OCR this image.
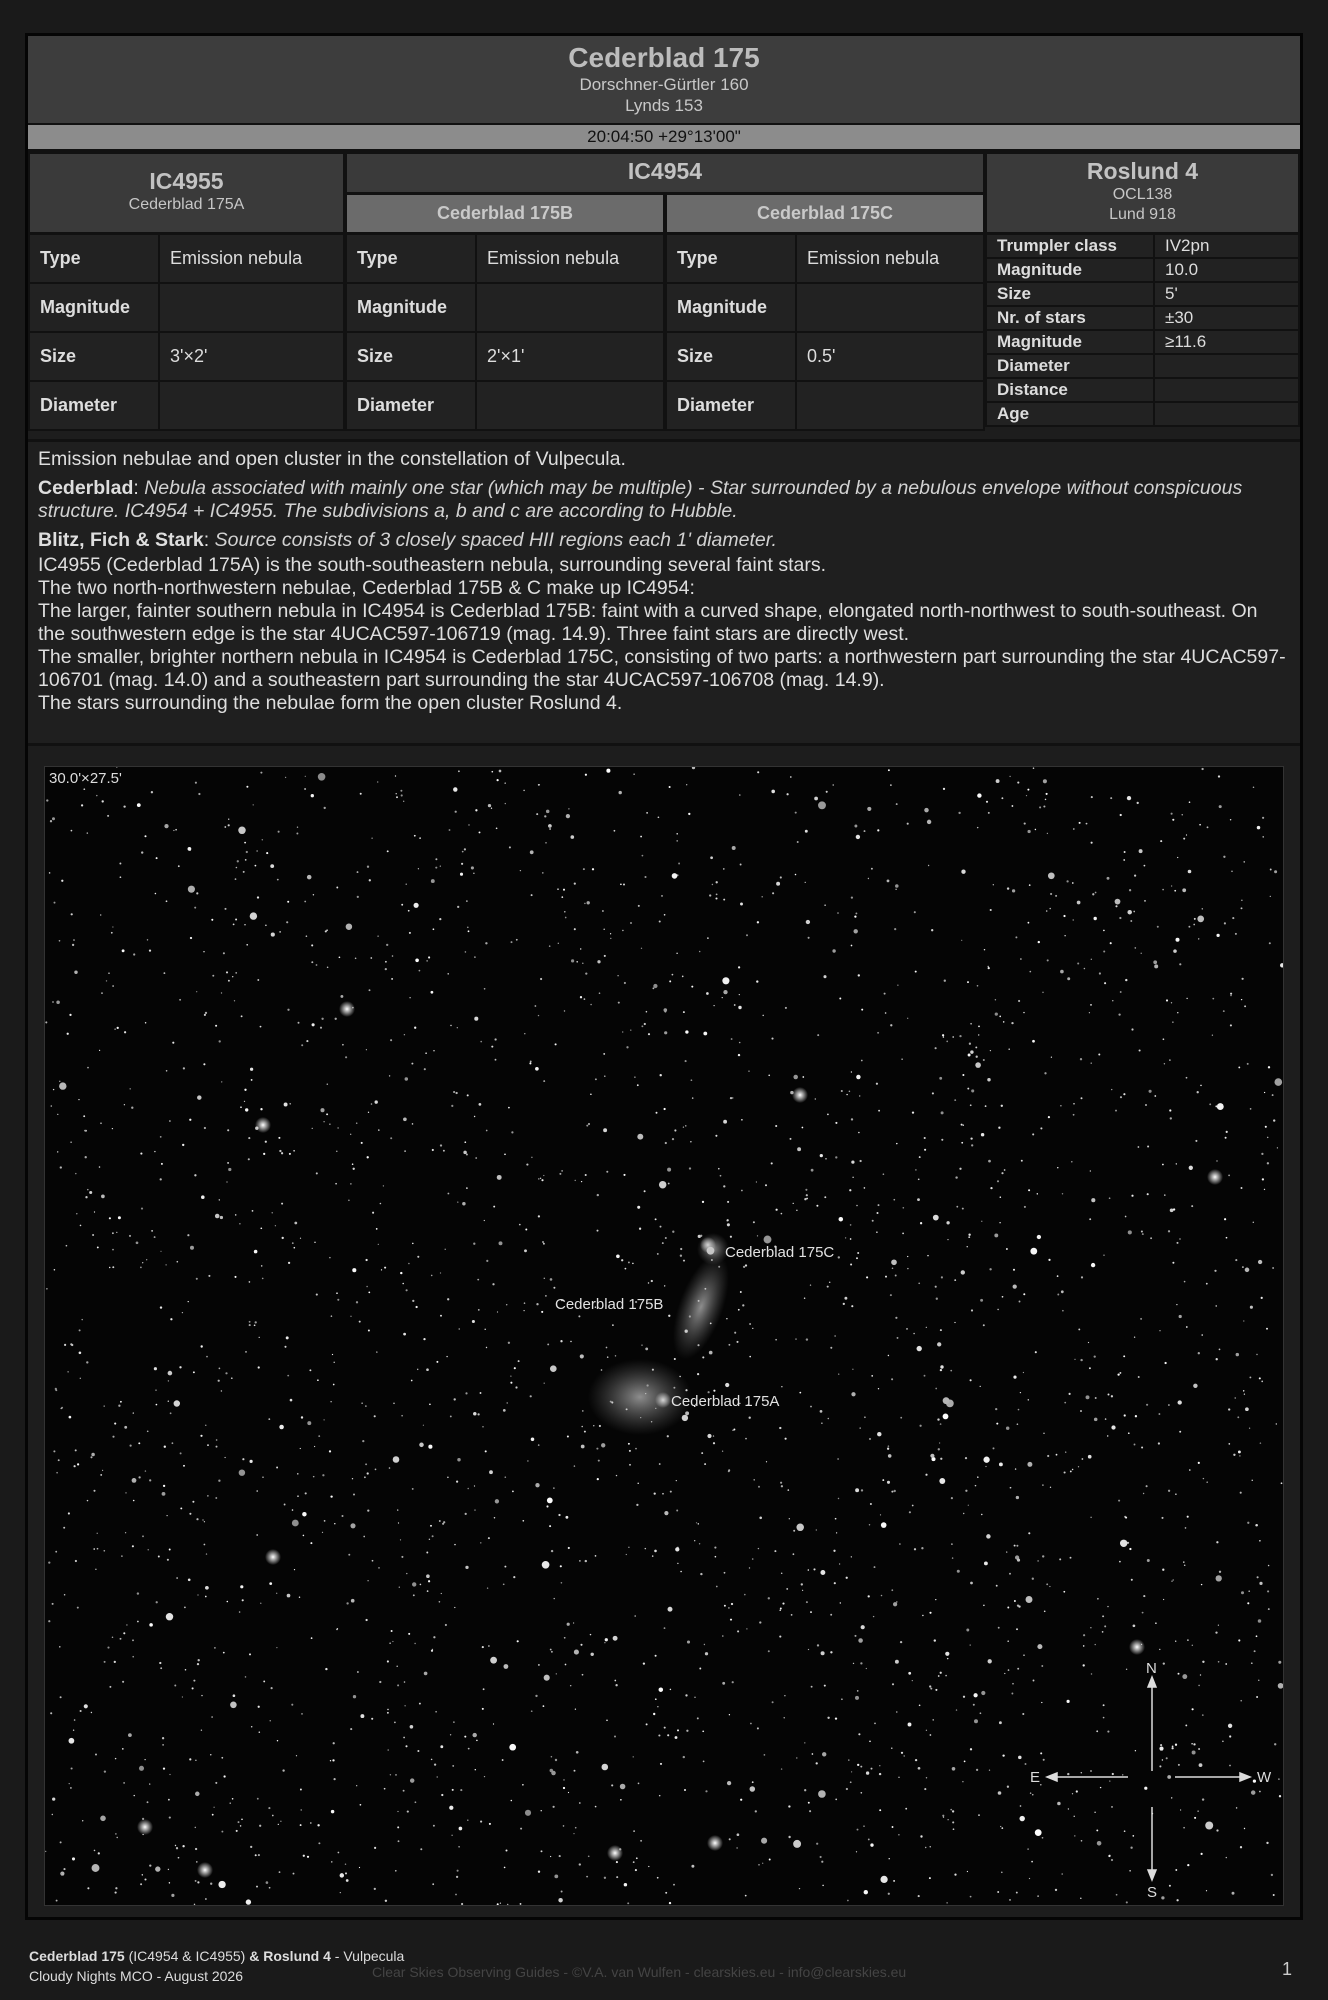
Cederblad 175
Dorschner-Gürtler 160
Lynds 153
20:04:50 +29°13'00"
IC4955
Cederblad 175A
Type	Emission nebula
Magnitude	
Size	3'×2'
Diameter	
IC4954
Cederblad 175B	Cederblad 175C
Type	Emission nebula
Magnitude	
Size	2'×1'
Diameter	
Type	Emission nebula
Magnitude	
Size	0.5'
Diameter	
Roslund 4
OCL138
Lund 918
Trumpler class	IV2pn
Magnitude	10.0
Size	5'
Nr. of stars	±30
Magnitude	≥11.6
Diameter	
Distance	
Age	

Emission nebulae and open cluster in the constellation of Vulpecula.

Cederblad: Nebula associated with mainly one star (which may be multiple) - Star surrounded by a nebulous envelope without conspicuous structure. IC4954 + IC4955. The subdivisions a, b and c are according to Hubble.

Blitz, Fich & Stark: Source consists of 3 closely spaced HII regions each 1' diameter.

IC4955 (Cederblad 175A) is the south-southeastern nebula, surrounding several faint stars.
The two north-northwestern nebulae, Cederblad 175B & C make up IC4954:
The larger, fainter southern nebula in IC4954 is Cederblad 175B: faint with a curved shape, elongated north-northwest to south-southeast. On the southwestern edge is the star 4UCAC597-106719 (mag. 14.9). Three faint stars are directly west.
The smaller, brighter northern nebula in IC4954 is Cederblad 175C, consisting of two parts: a northwestern part surrounding the star 4UCAC597-106701 (mag. 14.0) and a southeastern part surrounding the star 4UCAC597-106708 (mag. 14.9).
The stars surrounding the nebulae form the open cluster Roslund 4.
30.0'×27.5'
Cederblad 175C
Cederblad 175B
Cederblad 175A
N
S
E	W
Cederblad 175 (IC4954 & IC4955) & Roslund 4 - Vulpecula
Cloudy Nights MCO - August 2026	Clear Skies Observing Guides - ©V.A. van Wulfen - clearskies.eu - info@clearskies.eu	1
